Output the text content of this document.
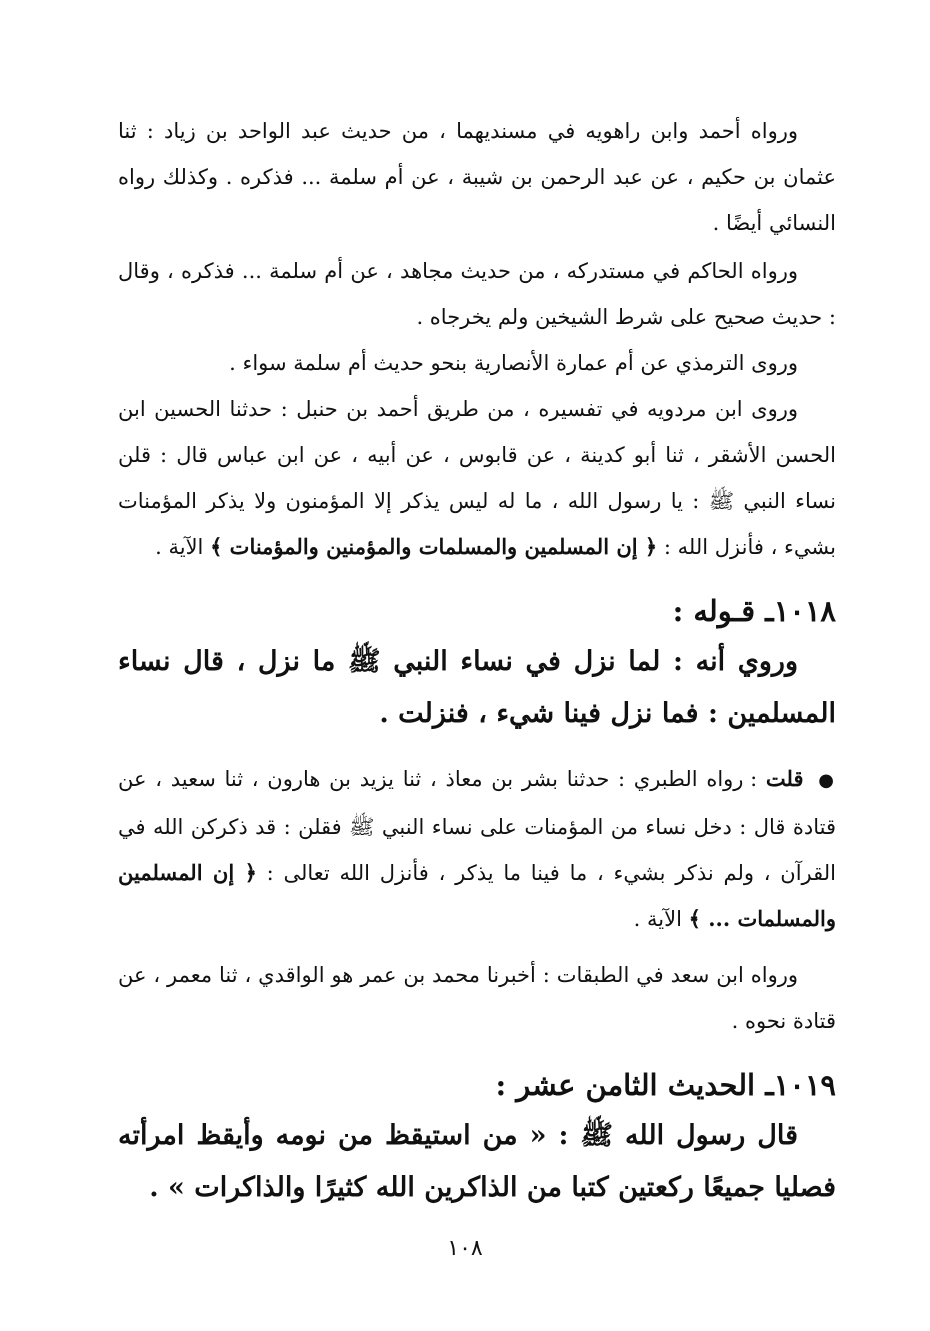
ورواه أحمد وابن راهويه في مسنديهما ، من حديث عبد الواحد بن زياد : ثنا عثمان بن حكيم ، عن عبد الرحمن بن شيبة ، عن أم سلمة ... فذكره . وكذلك رواه النسائي أيضًا .

ورواه الحاكم في مستدركه ، من حديث مجاهد ، عن أم سلمة ... فذكره ، وقال : حديث صحيح على شرط الشيخين ولم يخرجاه .

وروى الترمذي عن أم عمارة الأنصارية بنحو حديث أم سلمة سواء .

وروى ابن مردويه في تفسيره ، من طريق أحمد بن حنبل : حدثنا الحسين ابن الحسن الأشقر ، ثنا أبو كدينة ، عن قابوس ، عن أبيه ، عن ابن عباس قال : قلن نساء النبي ﷺ : يا رسول الله ، ما له ليس يذكر إلا المؤمنون ولا يذكر المؤمنات بشيء ، فأنزل الله : ﴿ إن المسلمين والمسلمات والمؤمنين والمؤمنات ﴾ الآية .

١٠١٨ـ قـوله :

وروي أنه : لما نزل في نساء النبي ﷺ ما نزل ، قال نساء المسلمين : فما نزل فينا شيء ، فنزلت .

● قلت : رواه الطبري : حدثنا بشر بن معاذ ، ثنا يزيد بن هارون ، ثنا سعيد ، عن قتادة قال : دخل نساء من المؤمنات على نساء النبي ﷺ فقلن : قد ذكركن الله في القرآن ، ولم نذكر بشيء ، ما فينا ما يذكر ، فأنزل الله تعالى : ﴿ إن المسلمين والمسلمات ... ﴾ الآية .

ورواه ابن سعد في الطبقات : أخبرنا محمد بن عمر هو الواقدي ، ثنا معمر ، عن قتادة نحوه .

١٠١٩ـ الحديث الثامن عشر :

قال رسول الله ﷺ : « من استيقظ من نومه وأيقظ امرأته فصليا جميعًا ركعتين كتبا من الذاكرين الله كثيرًا والذاكرات » .

١٠٨
